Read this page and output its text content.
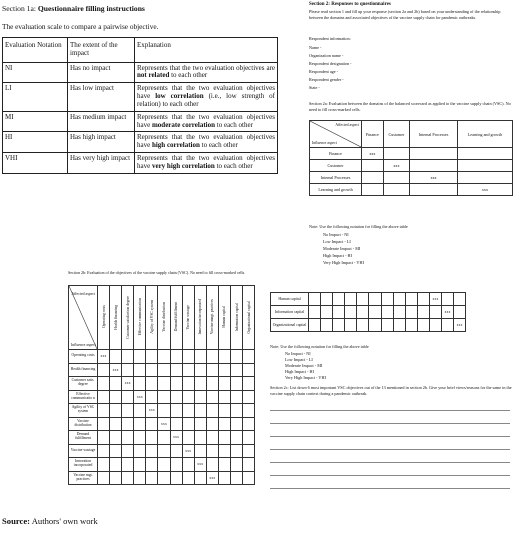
Section 1a: Questionnaire filling instructions
The evaluation scale to compare a pairwise objective.
Evaluation Notation	The extent of the impact	Explanation
NI	Has no impact	Represents that the two evaluation objectives are not related to each other
LI	Has low impact	Represents that the two evaluation objectives have low correlation (i.e., low strength of relation) to each other
MI	Has medium impact	Represents that the two evaluation objectives have moderate correlation to each other
HI	Has high impact	Represents that the two evaluation objectives have high correlation to each other
VHI	Has very high impact	Represents that the two evaluation objectives have very high correlation to each other
Section 2: Responses to questionnaires
Please read section 1 and fill up your response (section 2a and 2b) based on your understanding of the relationship between the domains and associated objectives of the vaccine supply chain for pandemic outbreaks.
Respondent information:
Name -
Organization name -
Respondent designation -
Respondent age -
Respondent gender -
State -
Section 2a: Evaluation between the domains of the balanced scorecard as applied to the vaccine supply chain (VSC). No need to fill cross-marked cells.
Affected aspect
Influence aspect	Finance	Customer	Internal Processes	Learning and growth
Finance	xxx			
Customer		xxx		
Internal Processes			xxx	
Learning and growth				xxx
Note: Use the following notation for filling the above table
No Impact - NI
Low Impact - LI
Moderate Impact - MI
High Impact - HI
Very High Impact - VHI
Section 2b: Evaluation of the objectives of the vaccine supply chain (VSC). No need to fill cross-marked cells.
Affected aspect
Influence aspect	Operating costs	Health financing	Customer satisfaction degree	Effective communication	Agility of VSC system	Vaccine distribution	Demand fulfillment	Vaccine wastage	Innovation incorporated	Vaccine mngt. practices	Human capital	Information capital	Organizational capital
Operating costs	xxx												
Health financing		xxx											
Customer satis. degree			xxx										
Effective communicatio n				xxx									
Agility of VSC system					xxx								
Vaccine distribution						xxx							
Demand fulfillment							xxx						
Vaccine wastage								xxx					
Innovation incorporated									xxx				
Vaccine mgt. practices										xxx			
Human capital											xxx		
Information capital												xxx	
Organizational capital													xxx
Note: Use the following notation for filling the above table
No Impact - NI
Low Impact - LI
Moderate Impact - MI
High Impact - HI
Very High Impact - VHI
Section 2c: List down 6 most important VSC objectives out of the 13 mentioned in section 2b. Give your brief views/reasons for the same in the vaccine supply chain context during a pandemic outbreak.
Source: Authors' own work
